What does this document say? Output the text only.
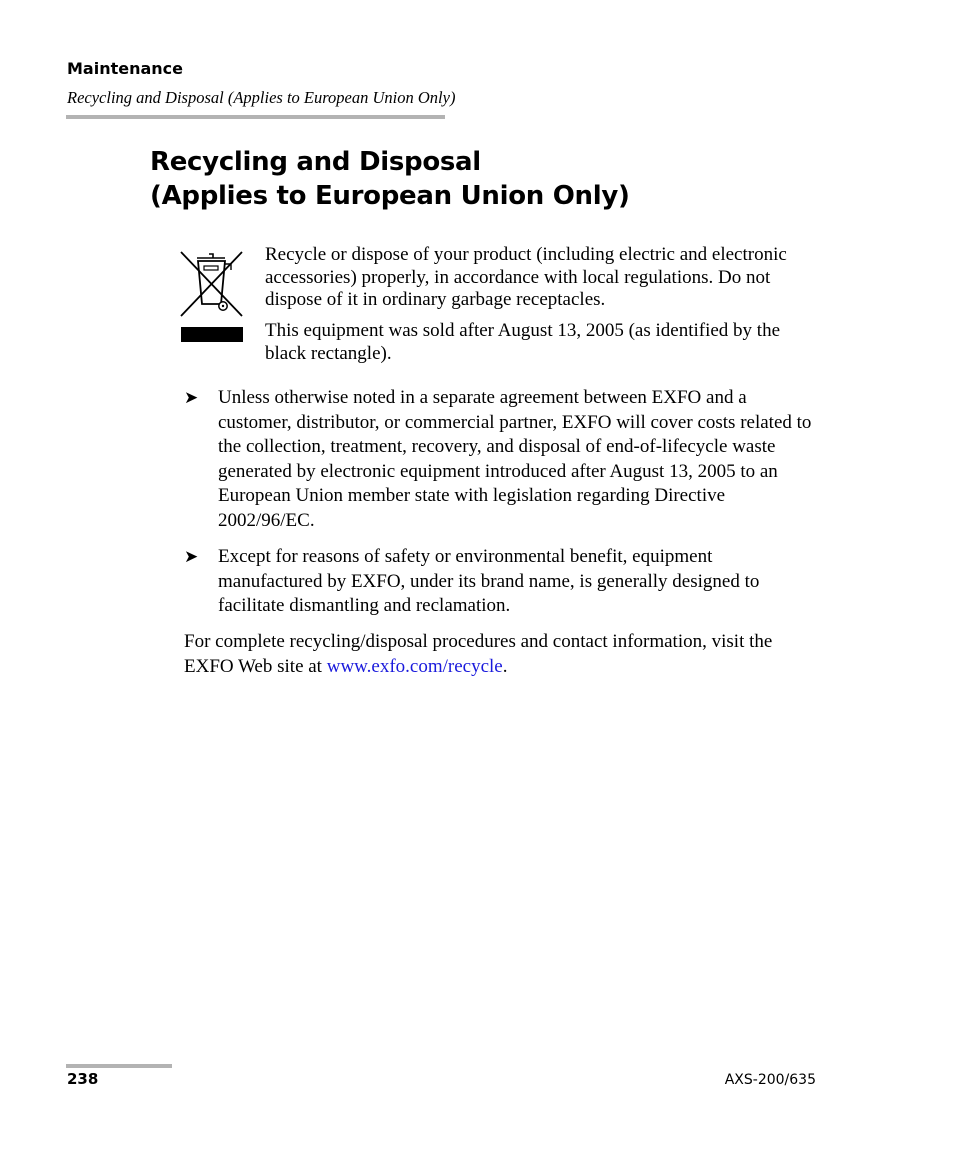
Maintenance
Recycling and Disposal (Applies to European Union Only)
Recycling and Disposal
(Applies to European Union Only)

Recycle or dispose of your product (including electric and electronic accessories) properly, in accordance with local regulations. Do not dispose of it in ordinary garbage receptacles.

This equipment was sold after August 13, 2005 (as identified by the black rectangle).

➤ Unless otherwise noted in a separate agreement between EXFO and a customer, distributor, or commercial partner, EXFO will cover costs related to the collection, treatment, recovery, and disposal of end-of-lifecycle waste generated by electronic equipment introduced after August 13, 2005 to an European Union member state with legislation regarding Directive 2002/96/EC.

➤ Except for reasons of safety or environmental benefit, equipment manufactured by EXFO, under its brand name, is generally designed to facilitate dismantling and reclamation.

For complete recycling/disposal procedures and contact information, visit the EXFO Web site at www.exfo.com/recycle.

238	AXS-200/635
